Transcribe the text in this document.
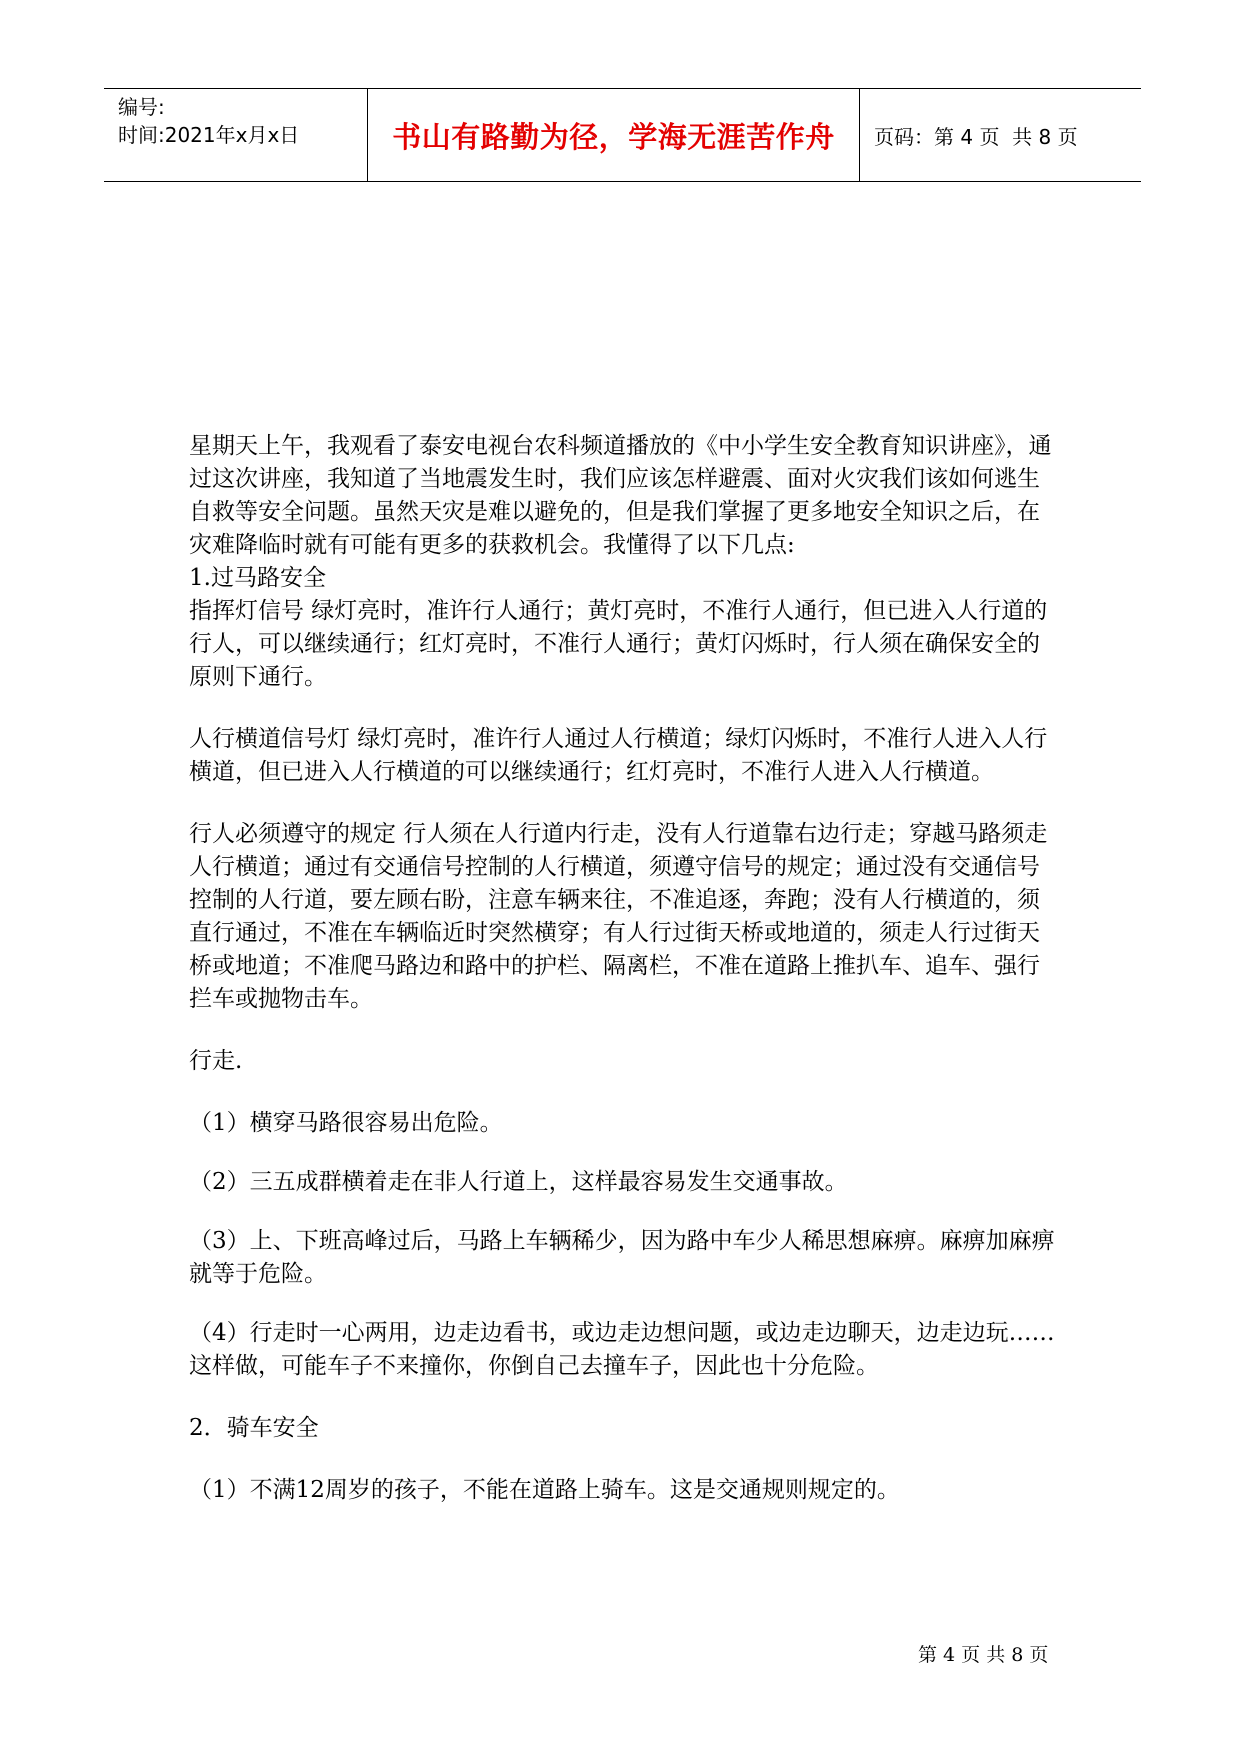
编号:
时间:2021年x月x日	书山有路勤为径，学海无涯苦作舟	页码：第 4 页  共 8 页

星期天上午，我观看了泰安电视台农科频道播放的《中小学生安全教育知识讲座》，通过这次讲座，我知道了当地震发生时，我们应该怎样避震、面对火灾我们该如何逃生自救等安全问题。虽然天灾是难以避免的，但是我们掌握了更多地安全知识之后，在灾难降临时就有可能有更多的获救机会。我懂得了以下几点:

1.过马路安全

指挥灯信号 绿灯亮时，准许行人通行；黄灯亮时，不准行人通行，但已进入人行道的行人，可以继续通行；红灯亮时，不准行人通行；黄灯闪烁时，行人须在确保安全的原则下通行。

人行横道信号灯 绿灯亮时，准许行人通过人行横道；绿灯闪烁时，不准行人进入人行横道，但已进入人行横道的可以继续通行；红灯亮时，不准行人进入人行横道。

行人必须遵守的规定 行人须在人行道内行走，没有人行道靠右边行走；穿越马路须走人行横道；通过有交通信号控制的人行横道，须遵守信号的规定；通过没有交通信号控制的人行道，要左顾右盼，注意车辆来往，不准追逐，奔跑；没有人行横道的，须直行通过，不准在车辆临近时突然横穿；有人行过街天桥或地道的，须走人行过街天桥或地道；不准爬马路边和路中的护栏、隔离栏，不准在道路上推扒车、追车、强行拦车或抛物击车。

行走.

（1）横穿马路很容易出危险。

（2）三五成群横着走在非人行道上，这样最容易发生交通事故。

（3）上、下班高峰过后，马路上车辆稀少，因为路中车少人稀思想麻痹。麻痹加麻痹就等于危险。

（4）行走时一心两用，边走边看书，或边走边想问题，或边走边聊天，边走边玩……这样做，可能车子不来撞你，你倒自己去撞车子，因此也十分危险。

2．骑车安全

（1）不满12周岁的孩子，不能在道路上骑车。这是交通规则规定的。

第 4 页 共 8 页
